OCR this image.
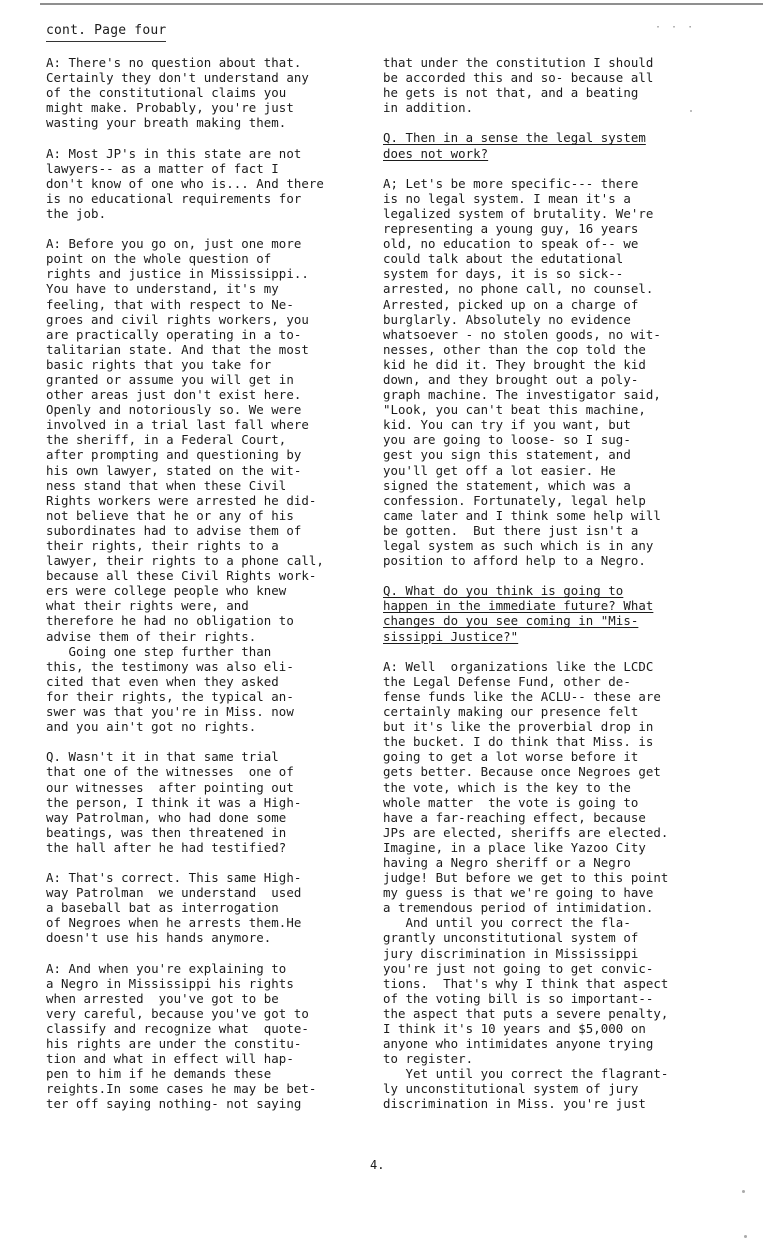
cont. Page four	· · ·
A: There's no question about that.
Certainly they don't understand any
of the constitutional claims you
might make. Probably, you're just
wasting your breath making them.
A: Most JP's in this state are not
lawyers-- as a matter of fact I
don't know of one who is... And there
is no educational requirements for
the job.
A: Before you go on, just one more
point on the whole question of
rights and justice in Mississippi..
You have to understand, it's my
feeling, that with respect to Ne-
groes and civil rights workers, you
are practically operating in a to-
talitarian state. And that the most
basic rights that you take for
granted or assume you will get in
other areas just don't exist here.
Openly and notoriously so. We were
involved in a trial last fall where
the sheriff, in a Federal Court,
after prompting and questioning by
his own lawyer, stated on the wit-
ness stand that when these Civil
Rights workers were arrested he did-
not believe that he or any of his
subordinates had to advise them of
their rights, their rights to a
lawyer, their rights to a phone call,
because all these Civil Rights work-
ers were college people who knew
what their rights were, and
therefore he had no obligation to
advise them of their rights.
Going one step further than
this, the testimony was also eli-
cited that even when they asked
for their rights, the typical an-
swer was that you're in Miss. now
and you ain't got no rights.
Q. Wasn't it in that same trial
that one of the witnesses  one of
our witnesses  after pointing out
the person, I think it was a High-
way Patrolman, who had done some
beatings, was then threatened in
the hall after he had testified?
A: That's correct. This same High-
way Patrolman  we understand  used
a baseball bat as interrogation
of Negroes when he arrests them.He
doesn't use his hands anymore.
A: And when you're explaining to
a Negro in Mississippi his rights
when arrested  you've got to be
very careful, because you've got to
classify and recognize what  quote-
his rights are under the constitu-
tion and what in effect will hap-
pen to him if he demands these
reights.In some cases he may be bet-
ter off saying nothing- not saying
that under the constitution I should
be accorded this and so- because all
he gets is not that, and a beating
in addition.
Q. Then in a sense the legal system
does not work?
A; Let's be more specific--- there
is no legal system. I mean it's a
legalized system of brutality. We're
representing a young guy, 16 years
old, no education to speak of-- we
could talk about the edutational
system for days, it is so sick--
arrested, no phone call, no counsel.
Arrested, picked up on a charge of
burglarly. Absolutely no evidence
whatsoever - no stolen goods, no wit-
nesses, other than the cop told the
kid he did it. They brought the kid
down, and they brought out a poly-
graph machine. The investigator said,
"Look, you can't beat this machine,
kid. You can try if you want, but
you are going to loose- so I sug-
gest you sign this statement, and
you'll get off a lot easier. He
signed the statement, which was a
confession. Fortunately, legal help
came later and I think some help will
be gotten.  But there just isn't a
legal system as such which is in any
position to afford help to a Negro.
Q. What do you think is going to
happen in the immediate future? What
changes do you see coming in "Mis-
sissippi Justice?"
A: Well  organizations like the LCDC
the Legal Defense Fund, other de-
fense funds like the ACLU-- these are
certainly making our presence felt
but it's like the proverbial drop in
the bucket. I do think that Miss. is
going to get a lot worse before it
gets better. Because once Negroes get
the vote, which is the key to the
whole matter  the vote is going to
have a far-reaching effect, because
JPs are elected, sheriffs are elected.
Imagine, in a place like Yazoo City
having a Negro sheriff or a Negro
judge! But before we get to this point
my guess is that we're going to have
a tremendous period of intimidation.
And until you correct the fla-
grantly unconstitutional system of
jury discrimination in Mississippi
you're just not going to get convic-
tions.  That's why I think that aspect
of the voting bill is so important--
the aspect that puts a severe penalty,
I think it's 10 years and $5,000 on
anyone who intimidates anyone trying
to register.
Yet until you correct the flagrant-
ly unconstitutional system of jury
discrimination in Miss. you're just
4.
